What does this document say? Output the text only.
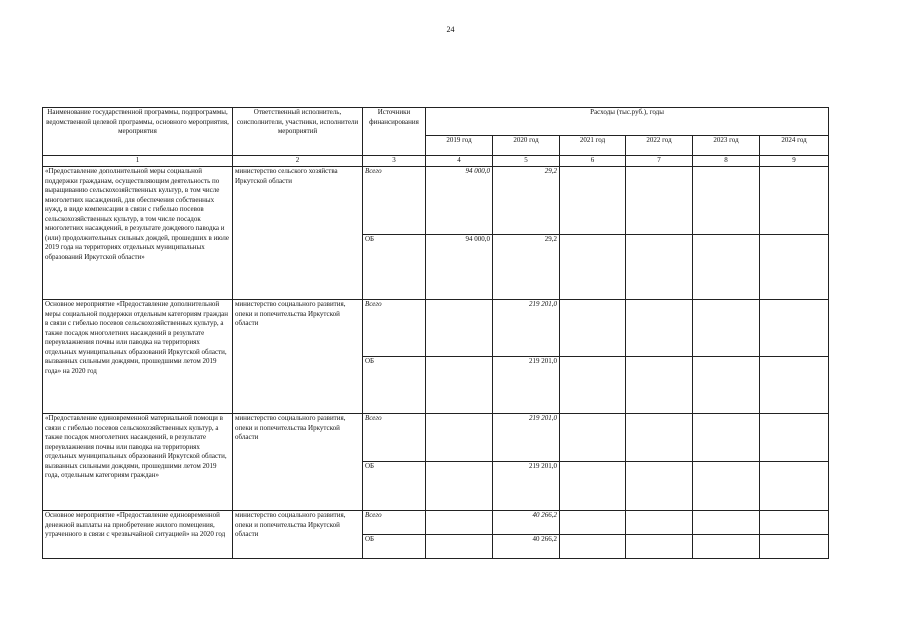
24
Наименование государственной программы, подпрограммы, ведомственной целевой программы, основного мероприятия, мероприятия	Ответственный исполнитель, соисполнители, участники, исполнители мероприятий	Источники финансирования	Расходы (тыс.руб.), годы					
			2019 год	2020 год	2021 год	2022 год	2023 год	2024 год
1	2	3	4	5	6	7	8	9
«Предоставление дополнительной меры социальной поддержки гражданам, осуществляющим деятельность по выращиванию сельскохозяйственных культур, в том числе многолетних насаждений, для обеспечения собственных нужд, в виде компенсации в связи с гибелью посевов сельскохозяйственных культур, в том числе посадок многолетних насаждений, в результате дождевого паводка и (или) продолжительных сильных дождей, прошедших в июле 2019 года на территориях отдельных муниципальных образований Иркутской области»	министерство сельского хозяйства Иркутской области	Всего	94 000,0	29,2				
		ОБ	94 000,0	29,2				
Основное мероприятие «Предоставление дополнительной меры социальной поддержки отдельным категориям граждан в связи с гибелью посевов сельскохозяйственных культур, а также посадок многолетних насаждений в результате переувлажнения почвы или паводка на территориях отдельных муниципальных образований Иркутской области, вызванных сильными дождями, прошедшими летом 2019 года» на 2020 год	министерство социального развития, опеки и попечительства Иркутской области	Всего		219 201,0				
		ОБ		219 201,0				
«Предоставление единовременной материальной помощи в связи с гибелью посевов сельскохозяйственных культур, а также посадок многолетних насаждений, в результате переувлажнения почвы или паводка на территориях отдельных муниципальных образований Иркутской области, вызванных сильными дождями, прошедшими летом 2019 года, отдельным категориям граждан»	министерство социального развития, опеки и попечительства Иркутской области	Всего		219 201,0				
		ОБ		219 201,0				
Основное мероприятие «Предоставление единовременной денежной выплаты на приобретение жилого помещения, утраченного в связи с чрезвычайной ситуацией» на 2020 год	министерство социального развития, опеки и попечительства Иркутской области	Всего		40 266,2				
		ОБ		40 266,2				
